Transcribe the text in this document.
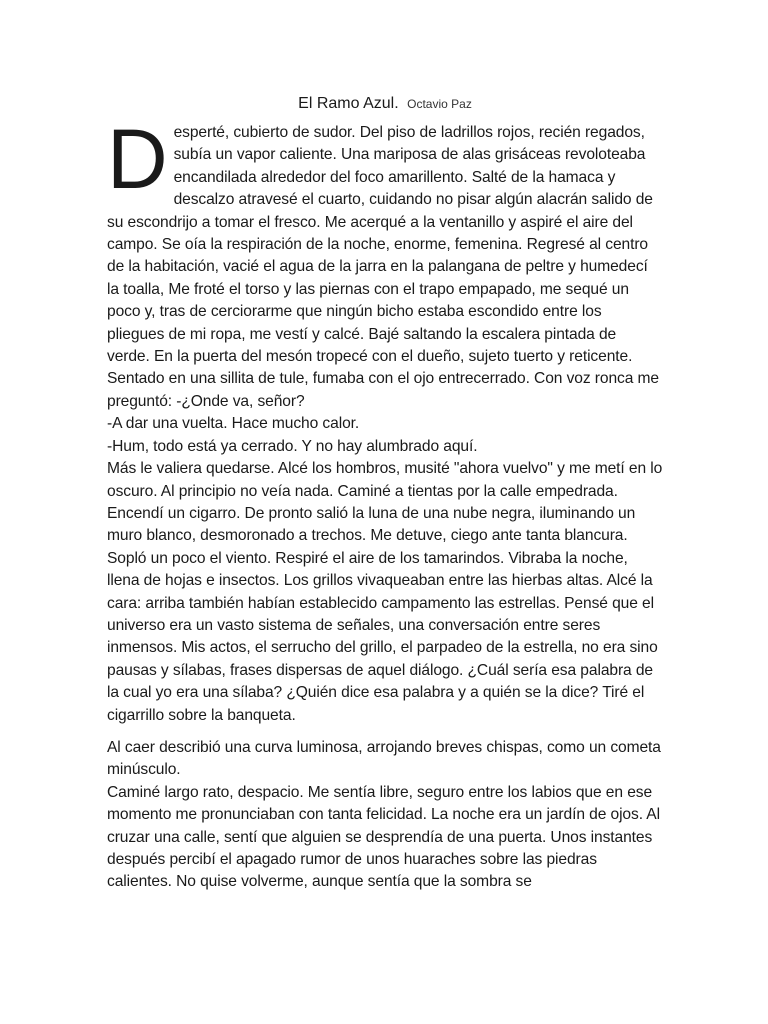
El Ramo Azul. Octavio Paz

Desperté, cubierto de sudor. Del piso de ladrillos rojos, recién regados, subía un vapor caliente. Una mariposa de alas grisáceas revoloteaba encandilada alrededor del foco amarillento. Salté de la hamaca y descalzo atravesé el cuarto, cuidando no pisar algún alacrán salido de su escondrijo a tomar el fresco. Me acerqué a la ventanillo y aspiré el aire del campo. Se oía la respiración de la noche, enorme, femenina. Regresé al centro de la habitación, vacié el agua de la jarra en la palangana de peltre y humedecí la toalla, Me froté el torso y las piernas con el trapo empapado, me sequé un poco y, tras de cerciorarme que ningún bicho estaba escondido entre los pliegues de mi ropa, me vestí y calcé. Bajé saltando la escalera pintada de verde. En la puerta del mesón tropecé con el dueño, sujeto tuerto y reticente. Sentado en una sillita de tule, fumaba con el ojo entrecerrado. Con voz ronca me preguntó: -¿Onde va, señor?

-A dar una vuelta. Hace mucho calor.

-Hum, todo está ya cerrado. Y no hay alumbrado aquí.

Más le valiera quedarse. Alcé los hombros, musité "ahora vuelvo" y me metí en lo oscuro. Al principio no veía nada. Caminé a tientas por la calle empedrada. Encendí un cigarro. De pronto salió la luna de una nube negra, iluminando un muro blanco, desmoronado a trechos. Me detuve, ciego ante tanta blancura. Sopló un poco el viento. Respiré el aire de los tamarindos. Vibraba la noche, llena de hojas e insectos. Los grillos vivaqueaban entre las hierbas altas. Alcé la cara: arriba también habían establecido campamento las estrellas. Pensé que el universo era un vasto sistema de señales, una conversación entre seres inmensos. Mis actos, el serrucho del grillo, el parpadeo de la estrella, no era sino pausas y sílabas, frases dispersas de aquel diálogo. ¿Cuál sería esa palabra de la cual yo era una sílaba? ¿Quién dice esa palabra y a quién se la dice? Tiré el cigarrillo sobre la banqueta.

Al caer describió una curva luminosa, arrojando breves chispas, como un cometa minúsculo.

Caminé largo rato, despacio. Me sentía libre, seguro entre los labios que en ese momento me pronunciaban con tanta felicidad. La noche era un jardín de ojos. Al cruzar una calle, sentí que alguien se desprendía de una puerta. Unos instantes después percibí el apagado rumor de unos huaraches sobre las piedras calientes. No quise volverme, aunque sentía que la sombra se
